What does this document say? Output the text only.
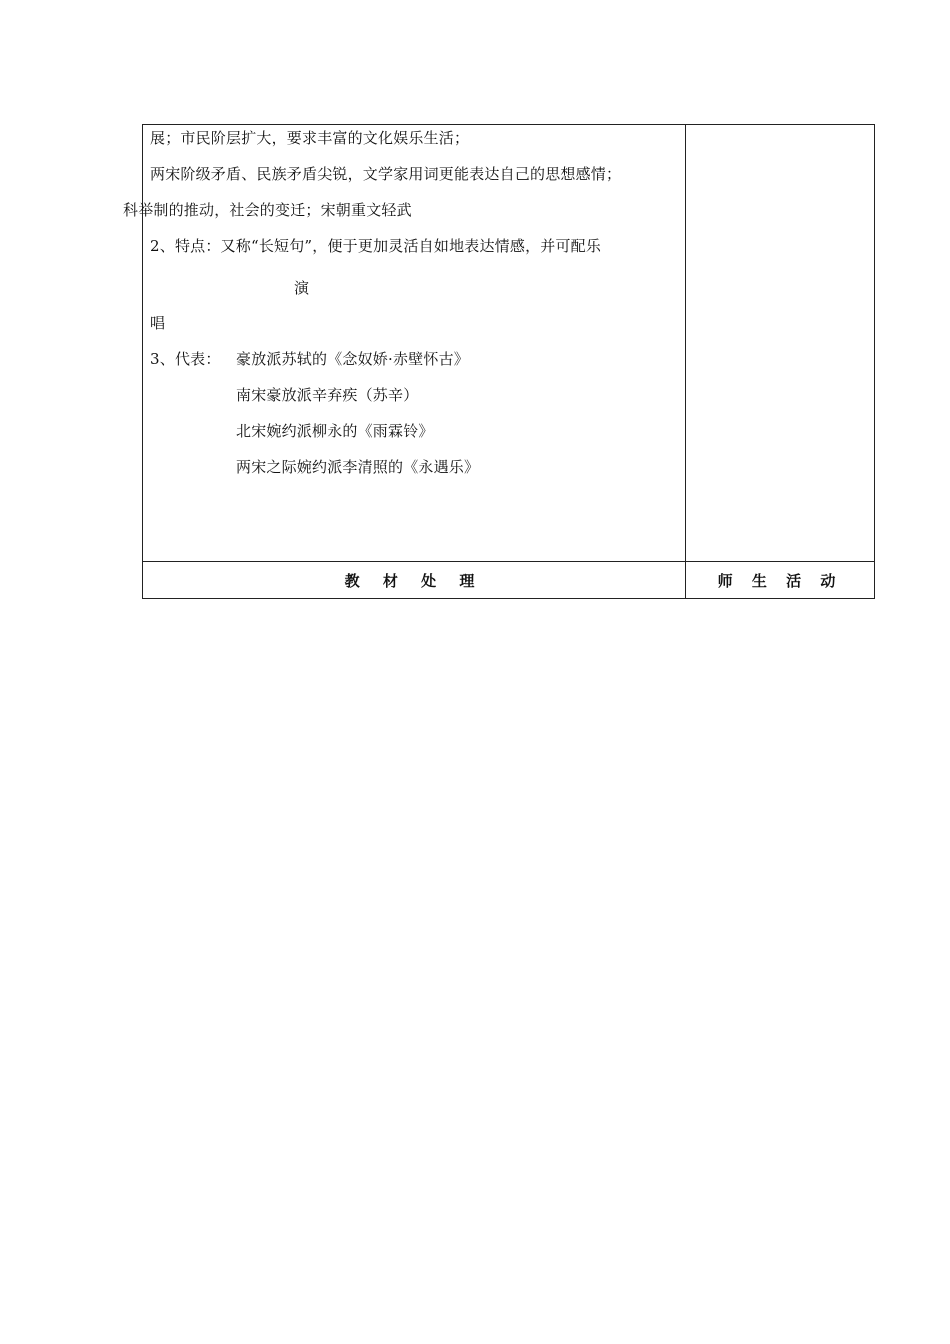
教 材 处 理	师 生 活 动
展；市民阶层扩大，要求丰富的文化娱乐生活；
两宋阶级矛盾、民族矛盾尖锐，文学家用词更能表达自己的思想感情；
科举制的推动，社会的变迁；宋朝重文轻武
2、特点：又称“长短句”，便于更加灵活自如地表达情感，并可配乐
演
唱
3、代表： 豪放派苏轼的《念奴娇·赤壁怀古》
南宋豪放派辛弃疾（苏辛）
北宋婉约派柳永的《雨霖铃》
两宋之际婉约派李清照的《永遇乐》
